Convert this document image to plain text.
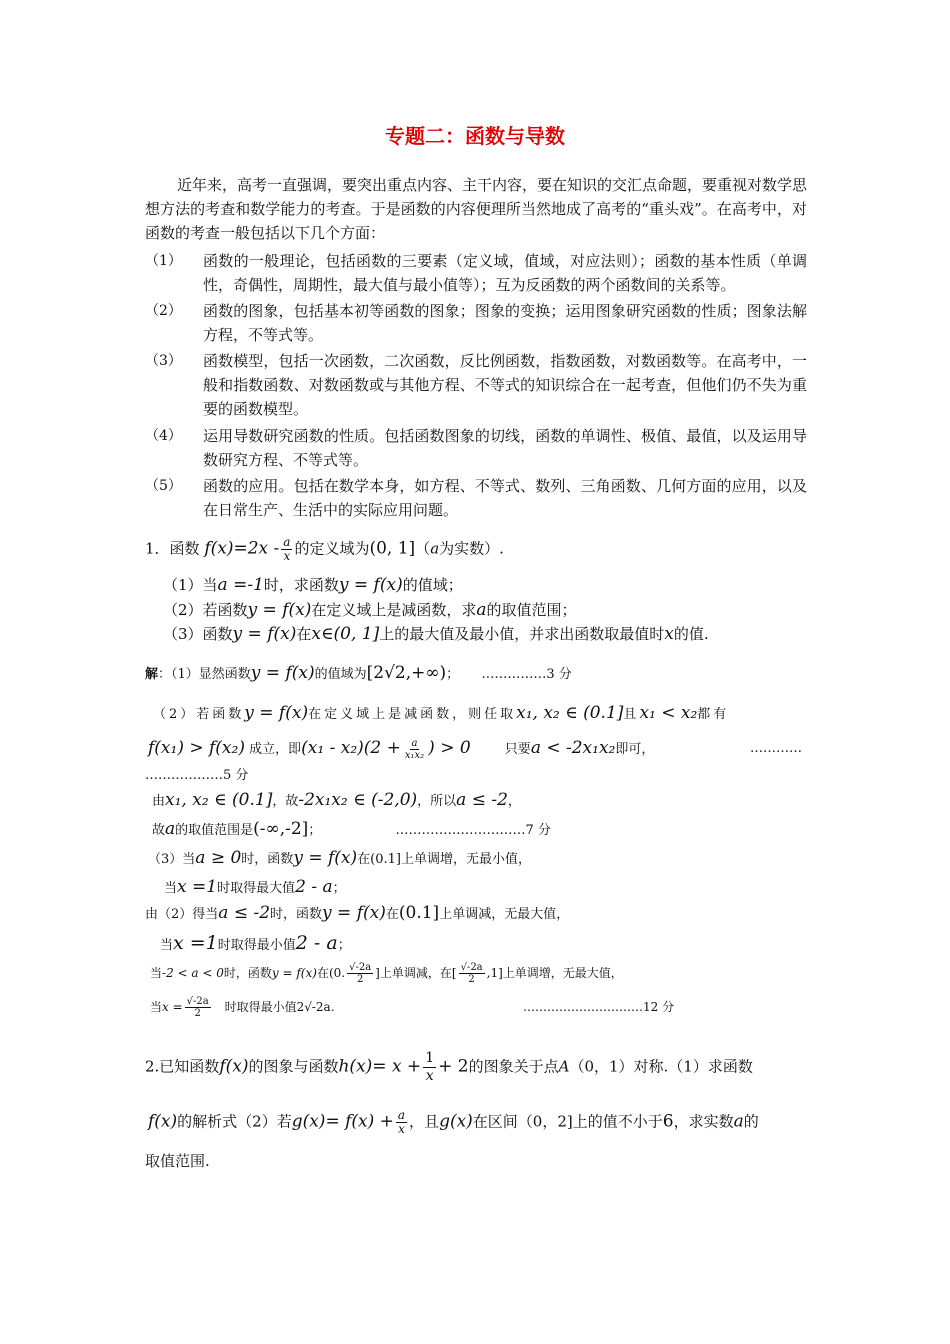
专题二：函数与导数
近年来，高考一直强调，要突出重点内容、主干内容，要在知识的交汇点命题，要重视对数学思想方法的考查和数学能力的考查。于是函数的内容便理所当然地成了高考的“重头戏”。在高考中，对函数的考查一般包括以下几个方面：
（1） 函数的一般理论，包括函数的三要素（定义域，值域，对应法则）；函数的基本性质（单调性，奇偶性，周期性，最大值与最小值等）；互为反函数的两个函数间的关系等。
（2） 函数的图象，包括基本初等函数的图象；图象的变换；运用图象研究函数的性质；图象法解方程，不等式等。
（3） 函数模型，包括一次函数，二次函数，反比例函数，指数函数，对数函数等。在高考中，一般和指数函数、对数函数或与其他方程、不等式的知识综合在一起考查，但他们仍不失为重要的函数模型。
（4） 运用导数研究函数的性质。包括函数图象的切线，函数的单调性、极值、最值，以及运用导数研究方程、不等式等。
（5） 函数的应用。包括在数学本身，如方程、不等式、数列、三角函数、几何方面的应用，以及在日常生产、生活中的实际应用问题。
1．函数 $f(x)=2x - \frac{a}{x}$ 的定义域为(0, 1]（a为实数）.
（1）当a =-1时，求函数y = f(x)的值域；
（2）若函数y = f(x)在定义域上是减函数，求a的取值范围；
（3）函数y = f(x)在x∈(0, 1]上的最大值及最小值，并求出函数取最值时x的值.
解：（1）显然函数y = f(x)的值域为[2√2,+∞)； ……………3 分
（2）若函数y = f(x)在定义域上是减函数，则任取x₁, x₂ ∈ (0.1]且x₁ < x₂都有
f(x₁) > f(x₂) 成立，即$(x_1 - x_2)(2 + \frac{a}{\text{x₁x₂}}$ ) > 0	只要a < -2x₁x₂即可，	…………
………………5 分
由x₁, x₂ ∈ (0.1]，故-2x₁x₂ ∈ (-2,0)，所以a ≤ -2，
故a的取值范围是(-∞,-2]；	…………………………7 分
（3）当a ≥ 0时，函数y = f(x)在(0.1]上单调增，无最小值，
当x =1时取得最大值2 - a；
由（2）得当a ≤ -2时，函数y = f(x)在(0.1]上单调减，无最大值，
当x =1时取得最小值2 - a；
当-2 < a < 0时，函数y = f(x)在(0. $\frac{√-2a}{2}$ ]上单调减，在[ $\frac{√-2a}{2} ,1$]上单调增，无最大值，
当$x = \frac{√-2a}{2}$ 时取得最小值2√-2a.	…………………………12 分
2.已知函数f(x)的图象与函数$h(x)= x + \frac{1}{x} + 2$的图象关于点A（0，1）对称.（1）求函数
f(x)的解析式（2）若$g(x)= f(x) + \frac{a}{x}$ ，且g(x)在区间（0，2]上的值不小于6，求实数a的
取值范围.
